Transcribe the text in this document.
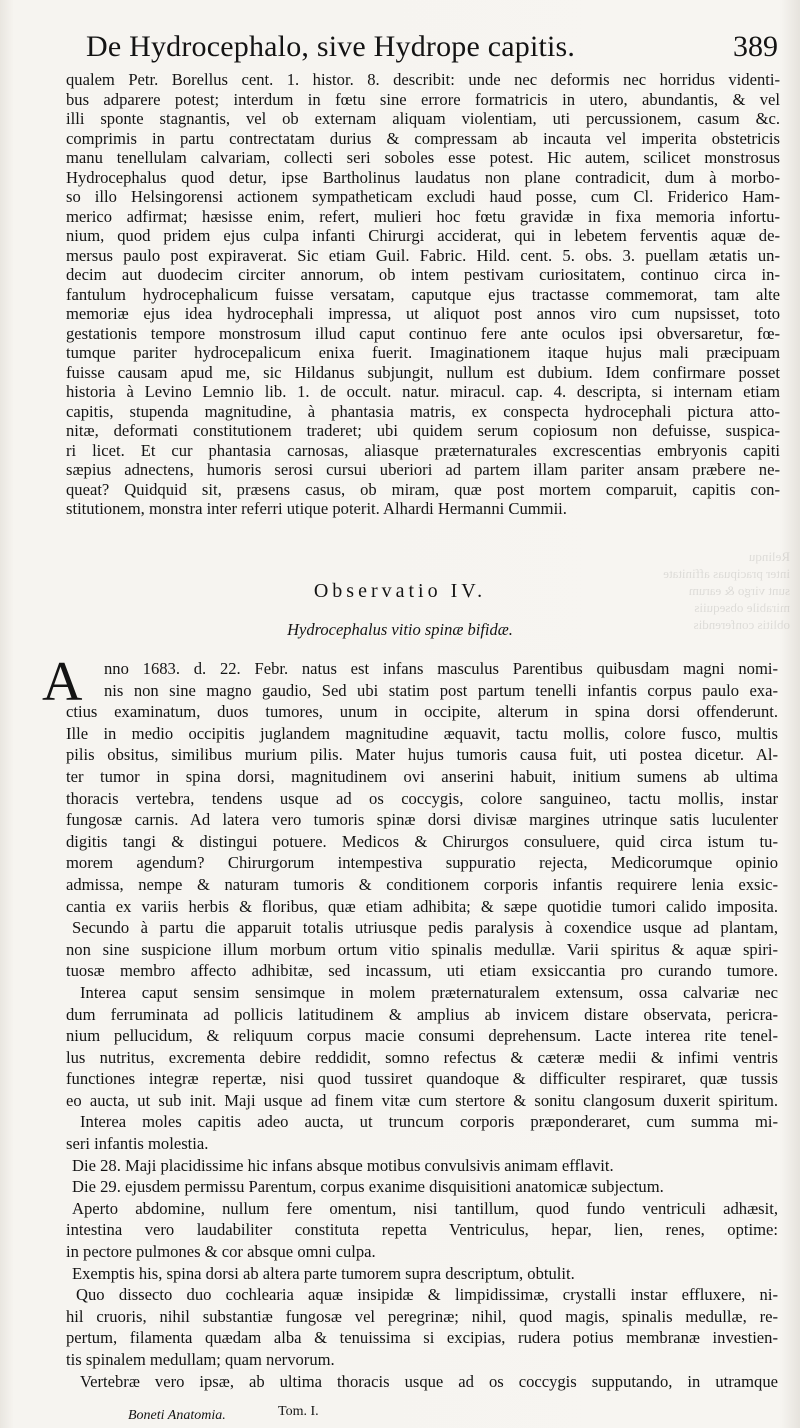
De Hydrocephalo, sive Hydrope capitis.	389
qualem Petr. Borellus cent. 1. histor. 8. describit: unde nec deformis nec horridus videnti-
bus adparere potest; interdum in fœtu sine errore formatricis in utero, abundantis, & vel
illi sponte stagnantis, vel ob externam aliquam violentiam, uti percussionem, casum &c.
comprimis in partu contrectatam durius & compressam ab incauta vel imperita obstetricis
manu tenellulam calvariam, collecti seri soboles esse potest. Hic autem, scilicet monstrosus
Hydrocephalus quod detur, ipse Bartholinus laudatus non plane contradicit, dum à morbo-
so illo Helsingorensi actionem sympatheticam excludi haud posse, cum Cl. Friderico Ham-
merico adfirmat; hæsisse enim, refert, mulieri hoc fœtu gravidæ in fixa memoria infortu-
nium, quod pridem ejus culpa infanti Chirurgi acciderat, qui in lebetem ferventis aquæ de-
mersus paulo post expiraverat. Sic etiam Guil. Fabric. Hild. cent. 5. obs. 3. puellam ætatis un-
decim aut duodecim circiter annorum, ob intem pestivam curiositatem, continuo circa in-
fantulum hydrocephalicum fuisse versatam, caputque ejus tractasse commemorat, tam alte
memoriæ ejus idea hydrocephali impressa, ut aliquot post annos viro cum nupsisset, toto
gestationis tempore monstrosum illud caput continuo fere ante oculos ipsi obversaretur, fœ-
tumque pariter hydrocepalicum enixa fuerit. Imaginationem itaque hujus mali præcipuam
fuisse causam apud me, sic Hildanus subjungit, nullum est dubium. Idem confirmare posset
historia à Levino Lemnio lib. 1. de occult. natur. miracul. cap. 4. descripta, si internam etiam
capitis, stupenda magnitudine, à phantasia matris, ex conspecta hydrocephali pictura atto-
nitæ, deformati constitutionem traderet; ubi quidem serum copiosum non defuisse, suspica-
ri licet. Et cur phantasia carnosas, aliasque præternaturales excrescentias embryonis capiti
sæpius adnectens, humoris serosi cursui uberiori ad partem illam pariter ansam præbere ne-
queat? Quidquid sit, præsens casus, ob miram, quæ post mortem comparuit, capitis con-
stitutionem, monstra inter referri utique poterit. Alhardi Hermanni Cummii.
Relinqu
inter pracipuas affinitate
sunt virgo & earum
mirabile obsequiis
oblitis conferendis
Observatio IV.
Hydrocephalus vitio spinæ bifidæ.
A	nno 1683. d. 22. Febr. natus est infans masculus Parentibus quibusdam magni nomi-
nis non sine magno gaudio, Sed ubi statim post partum tenelli infantis corpus paulo exa-
ctius examinatum, duos tumores, unum in occipite, alterum in spina dorsi offenderunt.
Ille in medio occipitis juglandem magnitudine æquavit, tactu mollis, colore fusco, multis
pilis obsitus, similibus murium pilis. Mater hujus tumoris causa fuit, uti postea dicetur. Al-
ter tumor in spina dorsi, magnitudinem ovi anserini habuit, initium sumens ab ultima
thoracis vertebra, tendens usque ad os coccygis, colore sanguineo, tactu mollis, instar
fungosæ carnis. Ad latera vero tumoris spinæ dorsi divisæ margines utrinque satis luculenter
digitis tangi & distingui potuere. Medicos & Chirurgos consuluere, quid circa istum tu-
morem agendum? Chirurgorum intempestiva suppuratio rejecta, Medicorumque opinio
admissa, nempe & naturam tumoris & conditionem corporis infantis requirere lenia exsic-
cantia ex variis herbis & floribus, quæ etiam adhibita; & sæpe quotidie tumori calido imposita.
Secundo à partu die apparuit totalis utriusque pedis paralysis à coxendice usque ad plantam,
non sine suspicione illum morbum ortum vitio spinalis medullæ. Varii spiritus & aquæ spiri-
tuosæ membro affecto adhibitæ, sed incassum, uti etiam exsiccantia pro curando tumore.
Interea caput sensim sensimque in molem præternaturalem extensum, ossa calvariæ nec
dum ferruminata ad pollicis latitudinem & amplius ab invicem distare observata, pericra-
nium pellucidum, & reliquum corpus macie consumi deprehensum. Lacte interea rite tenel-
lus nutritus, excrementa debire reddidit, somno refectus & cæteræ medii & infimi ventris
functiones integræ repertæ, nisi quod tussiret quandoque & difficulter respiraret, quæ tussis
eo aucta, ut sub init. Maji usque ad finem vitæ cum stertore & sonitu clangosum duxerit spiritum.
Interea moles capitis adeo aucta, ut truncum corporis præponderaret, cum summa mi-
seri infantis molestia.
Die 28. Maji placidissime hic infans absque motibus convulsivis animam efflavit.
Die 29. ejusdem permissu Parentum, corpus exanime disquisitioni anatomicæ subjectum.
Aperto abdomine, nullum fere omentum, nisi tantillum, quod fundo ventriculi adhæsit,
intestina vero laudabiliter constituta repetta Ventriculus, hepar, lien, renes, optime:
in pectore pulmones & cor absque omni culpa.
Exemptis his, spina dorsi ab altera parte tumorem supra descriptum, obtulit.
Quo dissecto duo cochlearia aquæ insipidæ & limpidissimæ, crystalli instar effluxere, ni-
hil cruoris, nihil substantiæ fungosæ vel peregrinæ; nihil, quod magis, spinalis medullæ, re-
pertum, filamenta quædam alba & tenuissima si excipias, rudera potius membranæ investien-
tis spinalem medullam; quam nervorum.
Vertebræ vero ipsæ, ab ultima thoracis usque ad os coccygis supputando, in utramque
Boneti Anatomia.	Tom. I.
